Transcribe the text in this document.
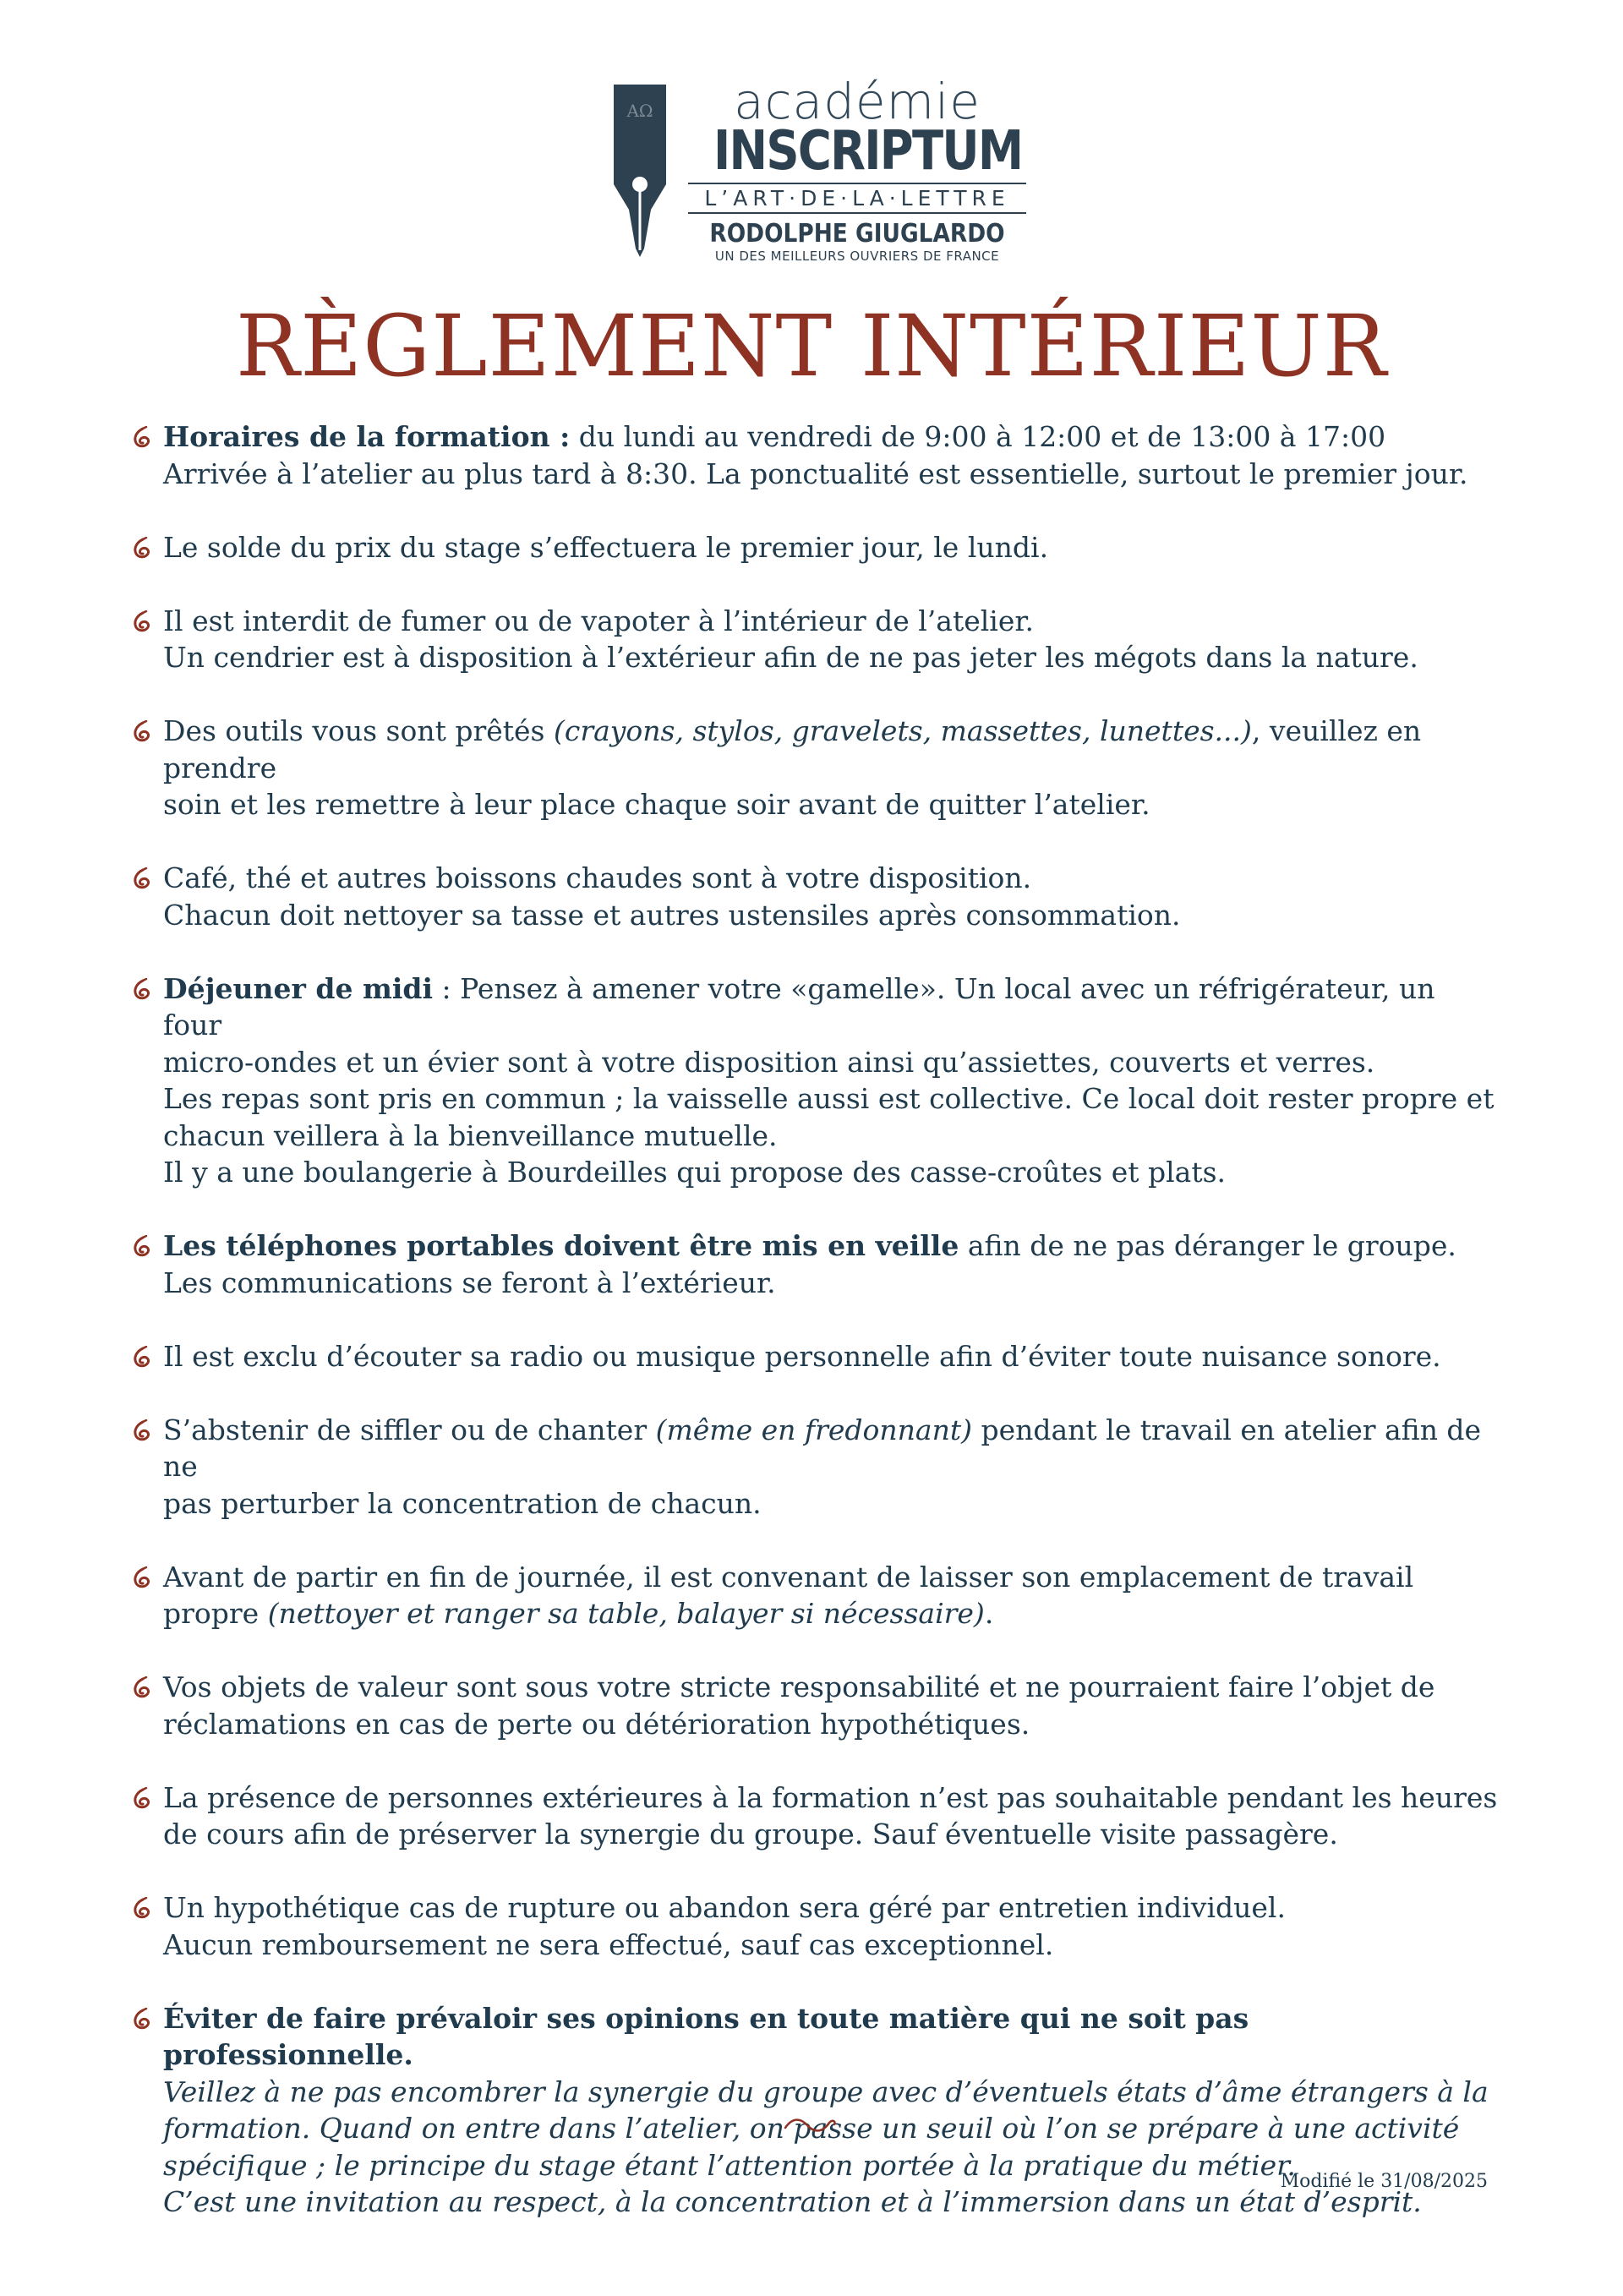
AΩ	académie
INSCRIPTUM
L’ART·DE·LA·LETTRE
RODOLPHE GIUGLARDO
UN DES MEILLEURS OUVRIERS DE FRANCE
RÈGLEMENT INTÉRIEUR

Horaires de la formation : du lundi au vendredi de 9:00 à 12:00 et de 13:00 à 17:00

Arrivée à l’atelier au plus tard à 8:30. La ponctualité est essentielle, surtout le premier jour.

Le solde du prix du stage s’effectuera le premier jour, le lundi.

Il est interdit de fumer ou de vapoter à l’intérieur de l’atelier.

Un cendrier est à disposition à l’extérieur afin de ne pas jeter les mégots dans la nature.

Des outils vous sont prêtés (crayons, stylos, gravelets, massettes, lunettes...), veuillez en prendre

soin et les remettre à leur place chaque soir avant de quitter l’atelier.

Café, thé et autres boissons chaudes sont à votre disposition.

Chacun doit nettoyer sa tasse et autres ustensiles après consommation.

Déjeuner de midi : Pensez à amener votre «gamelle». Un local avec un réfrigérateur, un four

micro-ondes et un évier sont à votre disposition ainsi qu’assiettes, couverts et verres.

Les repas sont pris en commun ; la vaisselle aussi est collective. Ce local doit rester propre et

chacun veillera à la bienveillance mutuelle.

Il y a une boulangerie à Bourdeilles qui propose des casse-croûtes et plats.

Les téléphones portables doivent être mis en veille afin de ne pas déranger le groupe.

Les communications se feront à l’extérieur.

Il est exclu d’écouter sa radio ou musique personnelle afin d’éviter toute nuisance sonore.

S’abstenir de siffler ou de chanter (même en fredonnant) pendant le travail en atelier afin de ne

pas perturber la concentration de chacun.

Avant de partir en fin de journée, il est convenant de laisser son emplacement de travail

propre (nettoyer et ranger sa table, balayer si nécessaire).

Vos objets de valeur sont sous votre stricte responsabilité et ne pourraient faire l’objet de

réclamations en cas de perte ou détérioration hypothétiques.

La présence de personnes extérieures à la formation n’est pas souhaitable pendant les heures

de cours afin de préserver la synergie du groupe. Sauf éventuelle visite passagère.

Un hypothétique cas de rupture ou abandon sera géré par entretien individuel.

Aucun remboursement ne sera effectué, sauf cas exceptionnel.

Éviter de faire prévaloir ses opinions en toute matière qui ne soit pas professionnelle.

Veillez à ne pas encombrer la synergie du groupe avec d’éventuels états d’âme étrangers à la

formation. Quand on entre dans l’atelier, on passe un seuil où l’on se prépare à une activité

spécifique ; le principe du stage étant l’attention portée à la pratique du métier.

C’est une invitation au respect, à la concentration et à l’immersion dans un état d’esprit.

Modifié le 31/08/2025
